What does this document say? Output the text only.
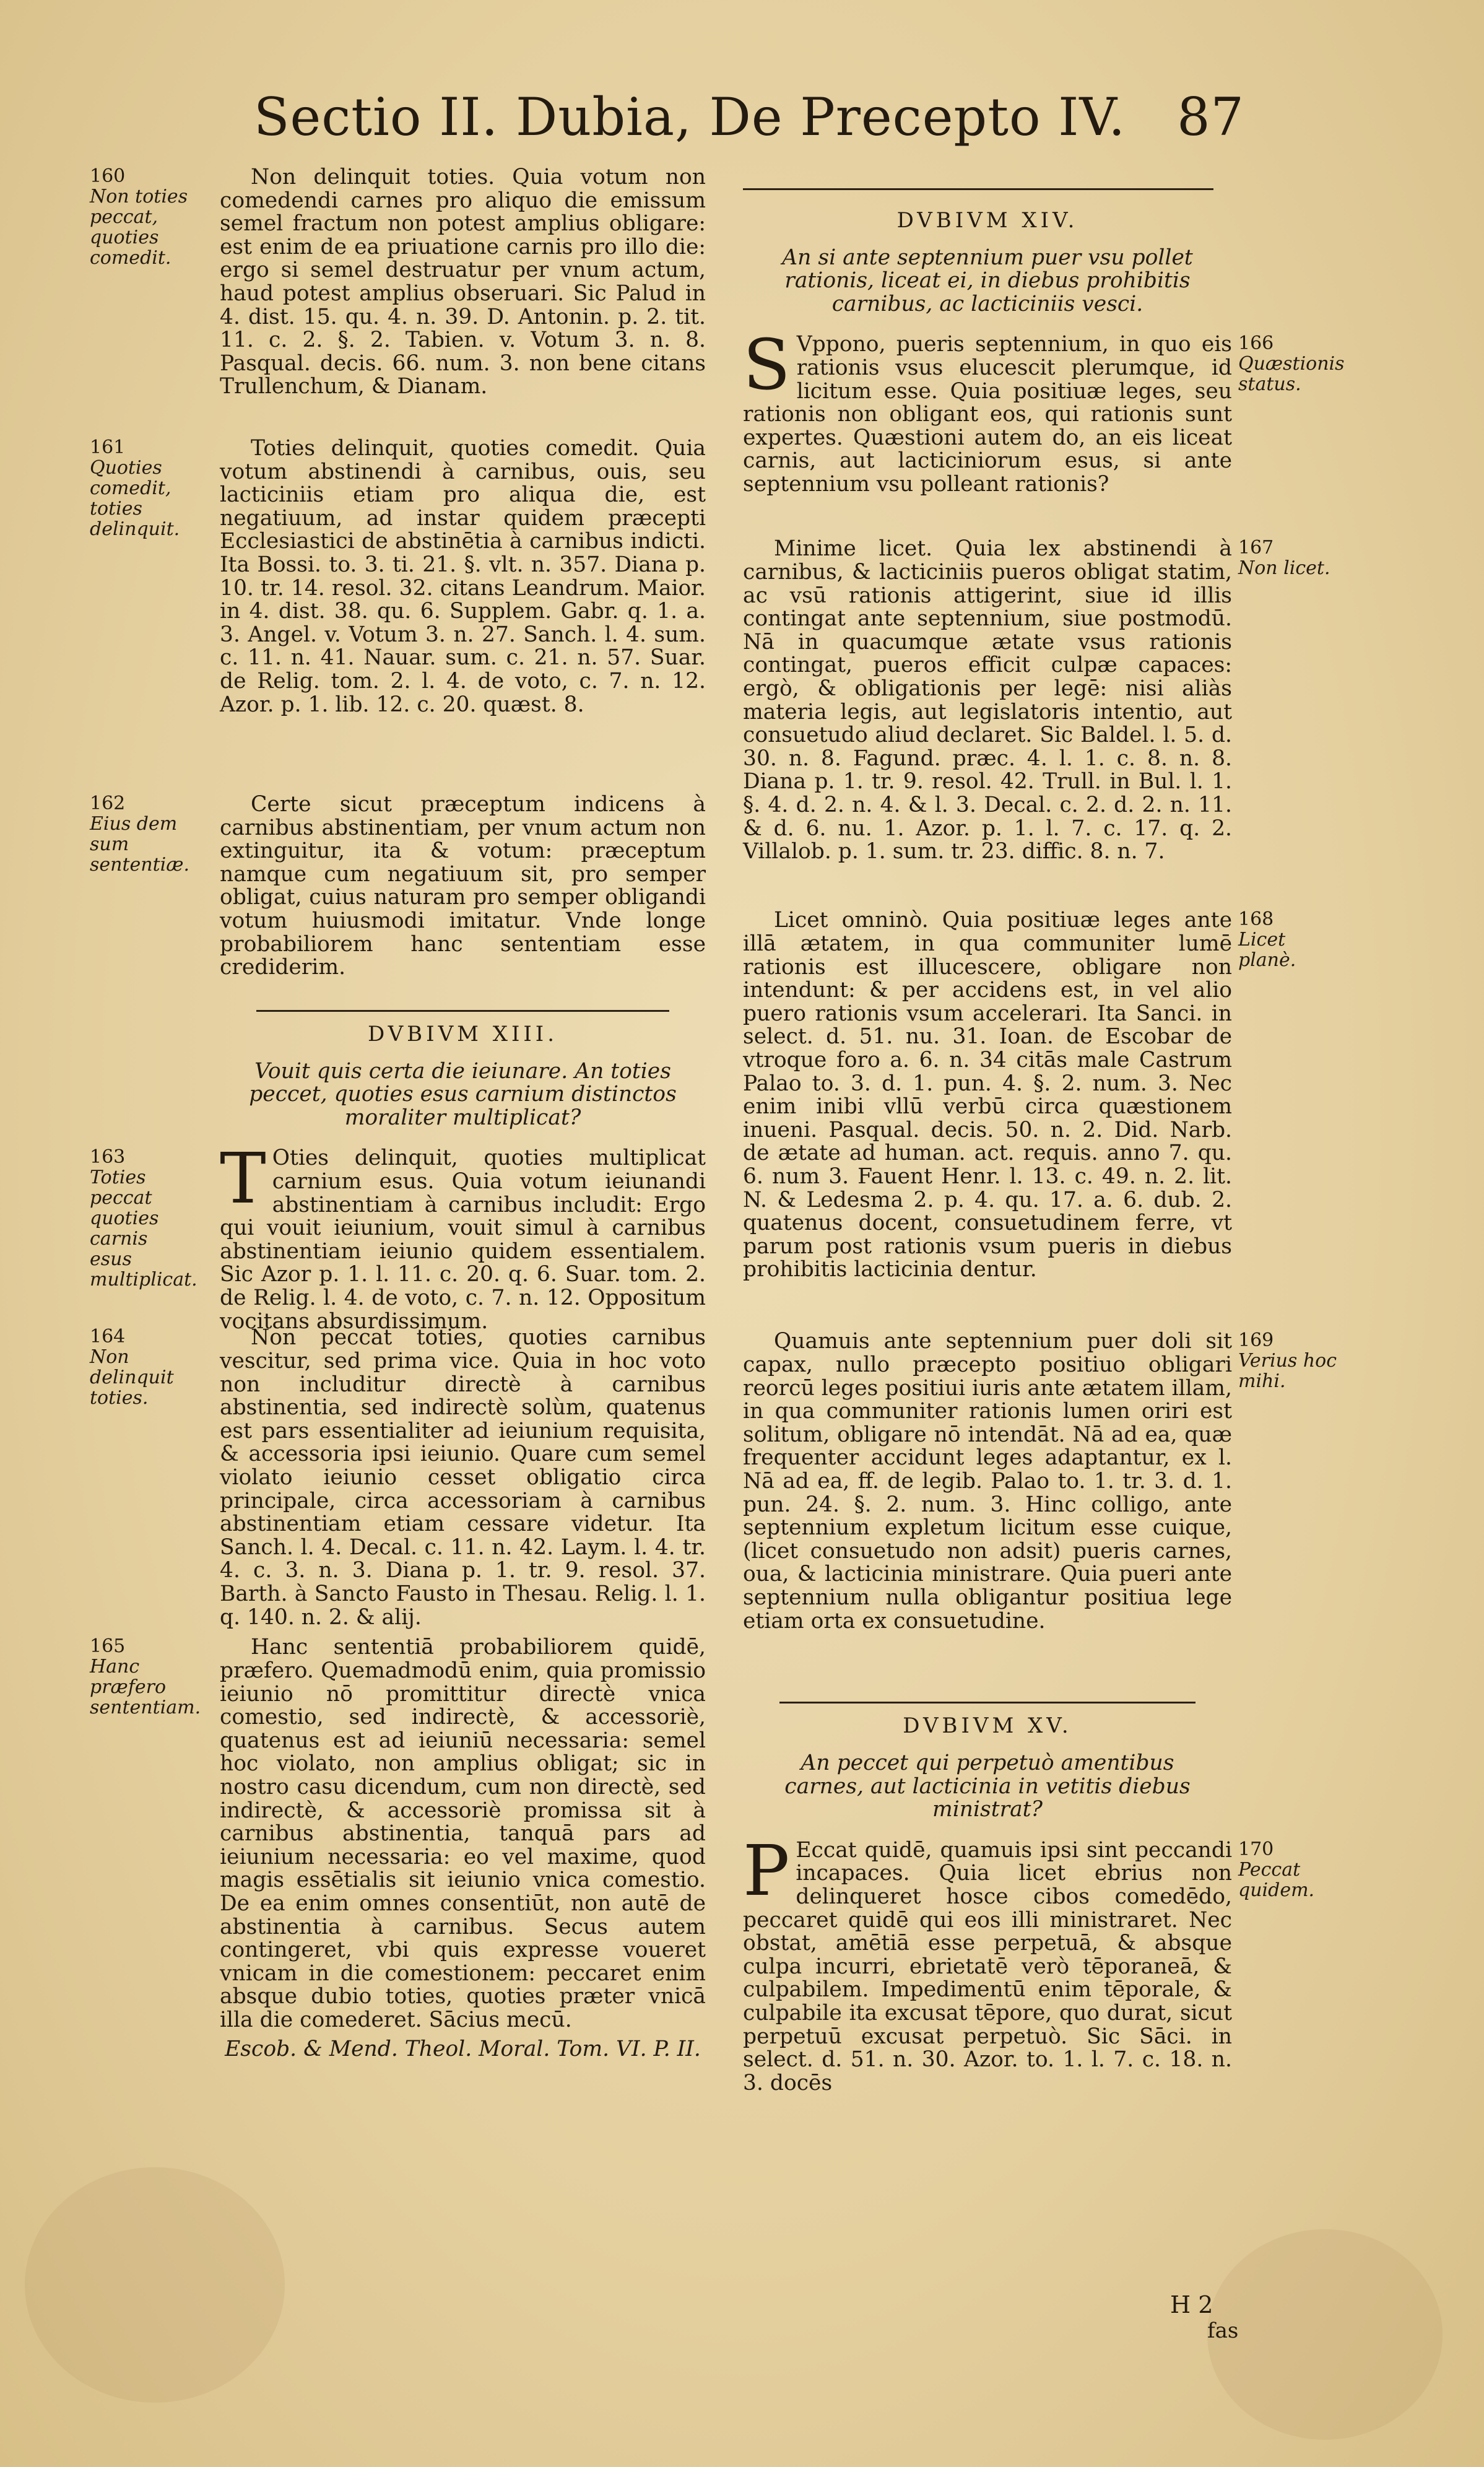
Sectio II. Dubia, De Precepto IV. 87
160
Non toties peccat, quoties comedit.

Non delinquit toties. Quia votum non comedendi carnes pro aliquo die emissum semel fractum non potest amplius obligare: est enim de ea priuatione carnis pro illo die: ergo si semel destruatur per vnum actum, haud potest amplius obseruari. Sic Palud in 4. dist. 15. qu. 4. n. 39. D. Antonin. p. 2. tit. 11. c. 2. §. 2. Tabien. v. Votum 3. n. 8. Pasqual. decis. 66. num. 3. non bene citans Trullenchum, & Dianam.

161
Quoties comedit, toties delinquit.

Toties delinquit, quoties comedit. Quia votum abstinendi à carnibus, ouis, seu lacticiniis etiam pro aliqua die, est negatiuum, ad instar quidem præcepti Ecclesiastici de abstinētia à carnibus indicti. Ita Bossi. to. 3. ti. 21. §. vlt. n. 357. Diana p. 10. tr. 14. resol. 32. citans Leandrum. Maior. in 4. dist. 38. qu. 6. Supplem. Gabr. q. 1. a. 3. Angel. v. Votum 3. n. 27. Sanch. l. 4. sum. c. 11. n. 41. Nauar. sum. c. 21. n. 57. Suar. de Relig. tom. 2. l. 4. de voto, c. 7. n. 12. Azor. p. 1. lib. 12. c. 20. quæst. 8.

162
Eius dem sum sententiæ.

Certe sicut præceptum indicens à carnibus abstinentiam, per vnum actum non extinguitur, ita & votum: præceptum namque cum negatiuum sit, pro semper obligat, cuius naturam pro semper obligandi votum huiusmodi imitatur. Vnde longe probabiliorem hanc sententiam esse crediderim.

DVBIVM XIII.
Vouit quis certa die ieiunare. An toties peccet, quoties esus carnium distinctos moraliter multiplicat?
163
Toties peccat quoties carnis esus multiplicat.
T Oties delinquit, quoties multiplicat carnium esus. Quia votum ieiunandi abstinentiam à carnibus includit: Ergo qui vouit ieiunium, vouit simul à carnibus abstinentiam ieiunio quidem essentialem. Sic Azor p. 1. l. 11. c. 20. q. 6. Suar. tom. 2. de Relig. l. 4. de voto, c. 7. n. 12. Oppositum vocitans absurdissimum.

164
Non delinquit toties.

Non peccat toties, quoties carnibus vescitur, sed prima vice. Quia in hoc voto non includitur directè à carnibus abstinentia, sed indirectè solùm, quatenus est pars essentialiter ad ieiunium requisita, & accessoria ipsi ieiunio. Quare cum semel violato ieiunio cesset obligatio circa principale, circa accessoriam à carnibus abstinentiam etiam cessare videtur. Ita Sanch. l. 4. Decal. c. 11. n. 42. Laym. l. 4. tr. 4. c. 3. n. 3. Diana p. 1. tr. 9. resol. 37. Barth. à Sancto Fausto in Thesau. Relig. l. 1. q. 140. n. 2. & alij.

165
Hanc præfero sententiam.

Hanc sententiā probabiliorem quidē, præfero. Quemadmodū enim, quia promissio ieiunio nō promittitur directè vnica comestio, sed indirectè, & accessoriè, quatenus est ad ieiuniū necessaria: semel hoc violato, non amplius obligat; sic in nostro casu dicendum, cum non directè, sed indirectè, & accessoriè promissa sit à carnibus abstinentia, tanquā pars ad ieiunium necessaria: eo vel maxime, quod magis essētialis sit ieiunio vnica comestio. De ea enim omnes consentiūt, non autē de abstinentia à carnibus. Secus autem contingeret, vbi quis expresse voueret vnicam in die comestionem: peccaret enim absque dubio toties, quoties præter vnicā illa die comederet. Sācius mecū.

Escob. & Mend. Theol. Moral. Tom. VI. P. II.
DVBIVM XIV.
An si ante septennium puer vsu pollet rationis, liceat ei, in diebus prohibitis carnibus, ac lacticiniis vesci.
166
Quæstionis status.
S Vppono, pueris septennium, in quo eis rationis vsus elucescit plerumque, id licitum esse. Quia positiuæ leges, seu rationis non obligant eos, qui rationis sunt expertes. Quæstioni autem do, an eis liceat carnis, aut lacticiniorum esus, si ante septennium vsu polleant rationis?

167
Non licet.

Minime licet. Quia lex abstinendi à carnibus, & lacticiniis pueros obligat statim, ac vsū rationis attigerint, siue id illis contingat ante septennium, siue postmodū. Nā in quacumque ætate vsus rationis contingat, pueros efficit culpæ capaces: ergò, & obligationis per legē: nisi aliàs materia legis, aut legislatoris intentio, aut consuetudo aliud declaret. Sic Baldel. l. 5. d. 30. n. 8. Fagund. præc. 4. l. 1. c. 8. n. 8. Diana p. 1. tr. 9. resol. 42. Trull. in Bul. l. 1. §. 4. d. 2. n. 4. & l. 3. Decal. c. 2. d. 2. n. 11. & d. 6. nu. 1. Azor. p. 1. l. 7. c. 17. q. 2. Villalob. p. 1. sum. tr. 23. diffic. 8. n. 7.

168
Licet planè.

Licet omninò. Quia positiuæ leges ante illā ætatem, in qua communiter lumē rationis est illucescere, obligare non intendunt: & per accidens est, in vel alio puero rationis vsum accelerari. Ita Sanci. in select. d. 51. nu. 31. Ioan. de Escobar de vtroque foro a. 6. n. 34 citās male Castrum Palao to. 3. d. 1. pun. 4. §. 2. num. 3. Nec enim inibi vllū verbū circa quæstionem inueni. Pasqual. decis. 50. n. 2. Did. Narb. de ætate ad human. act. requis. anno 7. qu. 6. num 3. Fauent Henr. l. 13. c. 49. n. 2. lit. N. & Ledesma 2. p. 4. qu. 17. a. 6. dub. 2. quatenus docent, consuetudinem ferre, vt parum post rationis vsum pueris in diebus prohibitis lacticinia dentur.

169
Verius hoc mihi.

Quamuis ante septennium puer doli sit capax, nullo præcepto positiuo obligari reorcū leges positiui iuris ante ætatem illam, in qua communiter rationis lumen oriri est solitum, obligare nō intendāt. Nā ad ea, quæ frequenter accidunt leges adaptantur, ex l. Nā ad ea, ff. de legib. Palao to. 1. tr. 3. d. 1. pun. 24. §. 2. num. 3. Hinc colligo, ante septennium expletum licitum esse cuique, (licet consuetudo non adsit) pueris carnes, oua, & lacticinia ministrare. Quia pueri ante septennium nulla obligantur positiua lege etiam orta ex consuetudine.

DVBIVM XV.
An peccet qui perpetuò amentibus carnes, aut lacticinia in vetitis diebus ministrat?
170
Peccat quidem.
P Eccat quidē, quamuis ipsi sint peccandi incapaces. Quia licet ebrius non delinqueret hosce cibos comedēdo, peccaret quidē qui eos illi ministraret. Nec obstat, amētiā esse perpetuā, & absque culpa incurri, ebrietatē verò tēporaneā, & culpabilem. Impedimentū enim tēporale, & culpabile ita excusat tēpore, quo durat, sicut perpetuū excusat perpetuò. Sic Sāci. in select. d. 51. n. 30. Azor. to. 1. l. 7. c. 18. n. 3. docēs

H 2
fas
